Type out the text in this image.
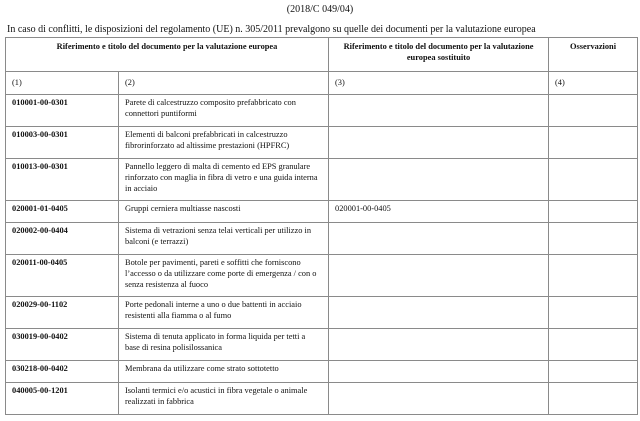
(2018/C 049/04)
In caso di conflitti, le disposizioni del regolamento (UE) n. 305/2011 prevalgono su quelle dei documenti per la valutazione europea
Riferimento e titolo del documento per la valutazione europea		Riferimento e titolo del documento per la valutazione europea sostituito	Osservazioni
(1)	(2)	(3)	(4)
010001-00-0301	Parete di calcestruzzo composito prefabbricato con connettori puntiformi		
010003-00-0301	Elementi di balconi prefabbricati in calcestruzzo fibrorinforzato ad altissime prestazioni (HPFRC)		
010013-00-0301	Pannello leggero di malta di cemento ed EPS granulare rinforzato con maglia in fibra di vetro e una guida interna in acciaio		
020001-01-0405	Gruppi cerniera multiasse nascosti	020001-00-0405	
020002-00-0404	Sistema di vetrazioni senza telai verticali per utilizzo in balconi (e terrazzi)		
020011-00-0405	Botole per pavimenti, pareti e soffitti che forniscono l’accesso o da utilizzare come porte di emergenza / con o senza resistenza al fuoco		
020029-00-1102	Porte pedonali interne a uno o due battenti in acciaio resistenti alla fiamma o al fumo		
030019-00-0402	Sistema di tenuta applicato in forma liquida per tetti a base di resina polisilossanica		
030218-00-0402	Membrana da utilizzare come strato sottotetto		
040005-00-1201	Isolanti termici e/o acustici in fibra vegetale o animale realizzati in fabbrica		
